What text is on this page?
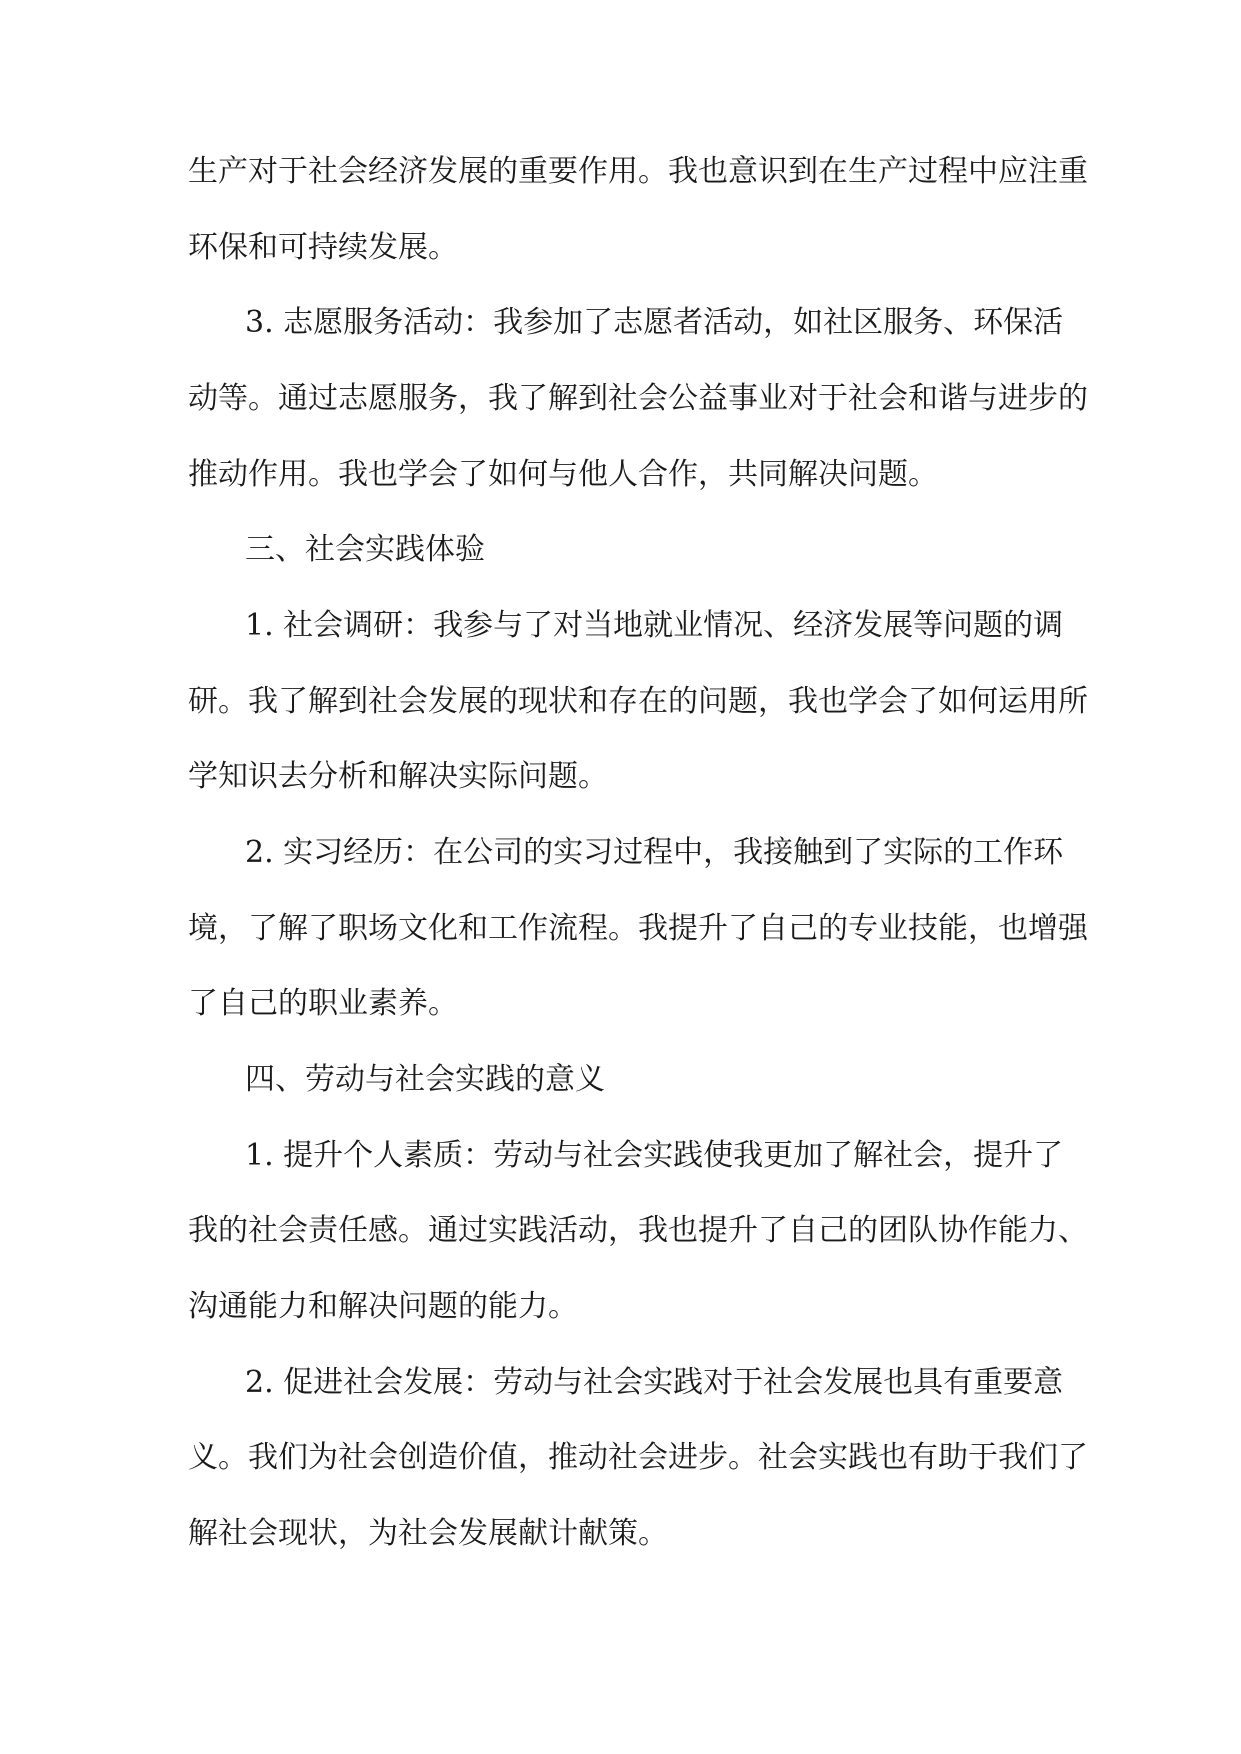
生产对于社会经济发展的重要作用。我也意识到在生产过程中应注重
环保和可持续发展。
3. 志愿服务活动：我参加了志愿者活动，如社区服务、环保活
动等。通过志愿服务，我了解到社会公益事业对于社会和谐与进步的
推动作用。我也学会了如何与他人合作，共同解决问题。
三、社会实践体验
1. 社会调研：我参与了对当地就业情况、经济发展等问题的调
研。我了解到社会发展的现状和存在的问题，我也学会了如何运用所
学知识去分析和解决实际问题。
2. 实习经历：在公司的实习过程中，我接触到了实际的工作环
境，了解了职场文化和工作流程。我提升了自己的专业技能，也增强
了自己的职业素养。
四、劳动与社会实践的意义
1. 提升个人素质：劳动与社会实践使我更加了解社会，提升了
我的社会责任感。通过实践活动，我也提升了自己的团队协作能力、
沟通能力和解决问题的能力。
2. 促进社会发展：劳动与社会实践对于社会发展也具有重要意
义。我们为社会创造价值，推动社会进步。社会实践也有助于我们了
解社会现状，为社会发展献计献策。
